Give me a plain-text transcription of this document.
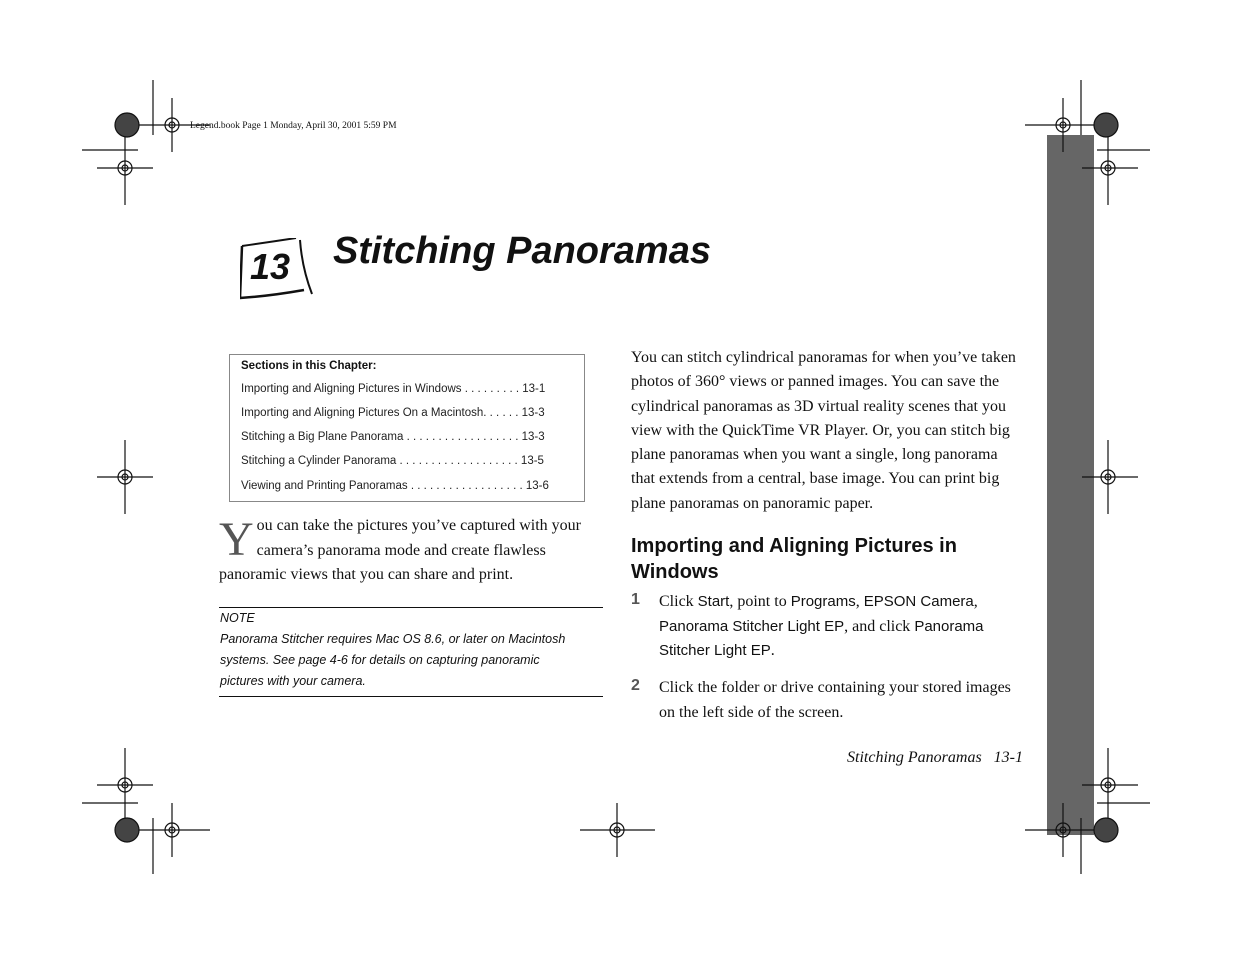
Legend.book Page 1 Monday, April 30, 2001 5:59 PM
13 Stitching Panoramas
Sections in this Chapter:
Importing and Aligning Pictures in Windows . . . . . . . . . 13-1
Importing and Aligning Pictures On a Macintosh. . . . . . 13-3
Stitching a Big Plane Panorama . . . . . . . . . . . . . . . . . . 13-3
Stitching a Cylinder Panorama . . . . . . . . . . . . . . . . . . . 13-5
Viewing and Printing Panoramas . . . . . . . . . . . . . . . . . . 13-6
You can take the pictures you’ve captured with your camera’s panorama mode and create flawless panoramic views that you can share and print.
NOTE
Panorama Stitcher requires Mac OS 8.6, or later on Macintosh
systems. See page 4-6 for details on capturing panoramic
pictures with your camera.
You can stitch cylindrical panoramas for when you’ve taken photos of 360° views or panned images. You can save the cylindrical panoramas as 3D virtual reality scenes that you view with the QuickTime VR Player. Or, you can stitch big plane panoramas when you want a single, long panorama that extends from a central, base image. You can print big plane panoramas on panoramic paper.
Importing and Aligning Pictures in Windows
1 Click Start, point to Programs, EPSON Camera,
Panorama Stitcher Light EP, and click Panorama
Stitcher Light EP.
2 Click the folder or drive containing your stored images on the left side of the screen.
Stitching Panoramas 13-1
